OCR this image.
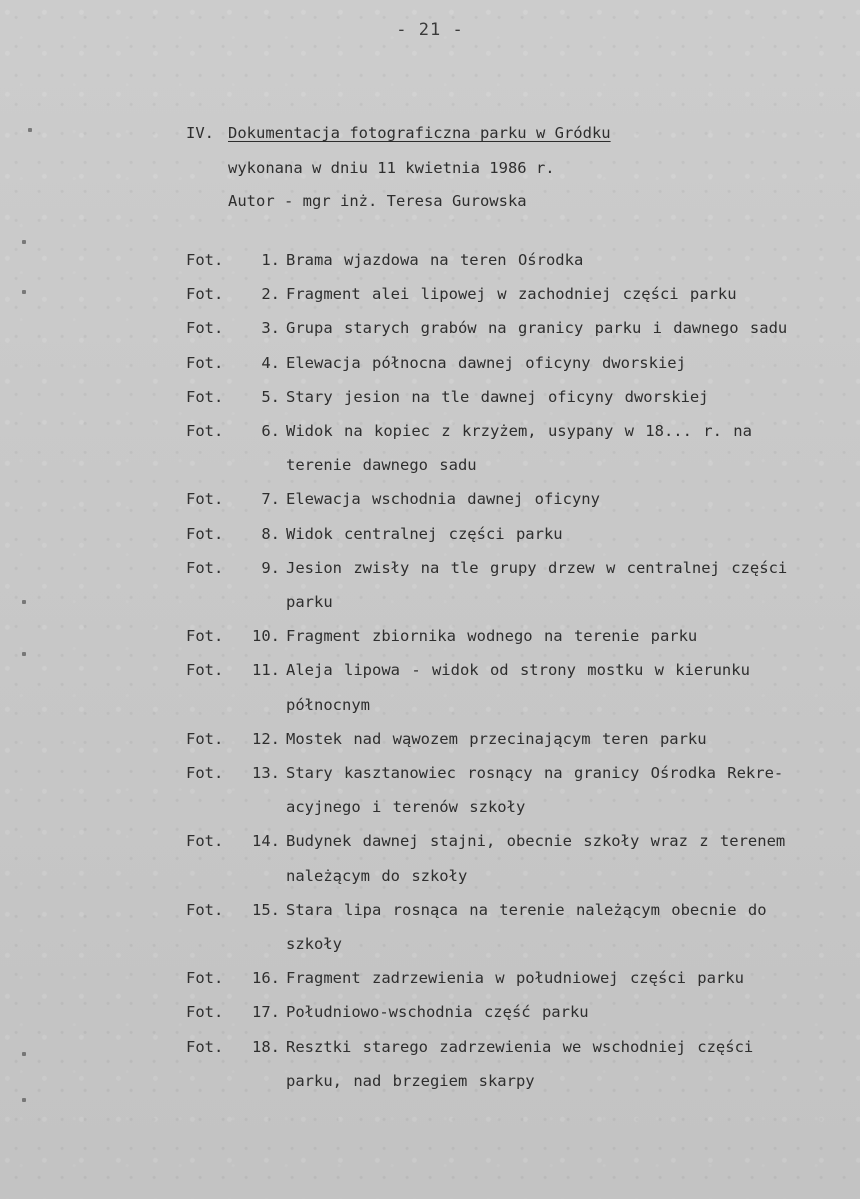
- 21 -
IV. Dokumentacja fotograficzna parku w Gródku
wykonana w dniu 11 kwietnia 1986 r.
Autor - mgr inż. Teresa Gurowska
Fot.	1. Brama wjazdowa na teren Ośrodka
Fot.	2. Fragment alei lipowej w zachodniej części parku
Fot.	3. Grupa starych grabów na granicy parku i dawnego sadu
Fot.	4. Elewacja północna dawnej oficyny dworskiej
Fot.	5. Stary jesion na tle dawnej oficyny dworskiej
Fot.	6. Widok na kopiec z krzyżem, usypany w 18... r. na
terenie dawnego sadu
Fot.	7. Elewacja wschodnia dawnej oficyny
Fot.	8. Widok centralnej części parku
Fot.	9. Jesion zwisły na tle grupy drzew w centralnej części
parku
Fot.	10. Fragment zbiornika wodnego na terenie parku
Fot.	11. Aleja lipowa - widok od strony mostku w kierunku
północnym
Fot.	12. Mostek nad wąwozem przecinającym teren parku
Fot.	13. Stary kasztanowiec rosnący na granicy Ośrodka Rekre-
acyjnego i terenów szkoły
Fot.	14. Budynek dawnej stajni, obecnie szkoły wraz z terenem
należącym do szkoły
Fot.	15. Stara lipa rosnąca na terenie należącym obecnie do
szkoły
Fot.	16. Fragment zadrzewienia w południowej części parku
Fot.	17. Południowo-wschodnia część parku
Fot.	18. Resztki starego zadrzewienia we wschodniej części
parku, nad brzegiem skarpy
